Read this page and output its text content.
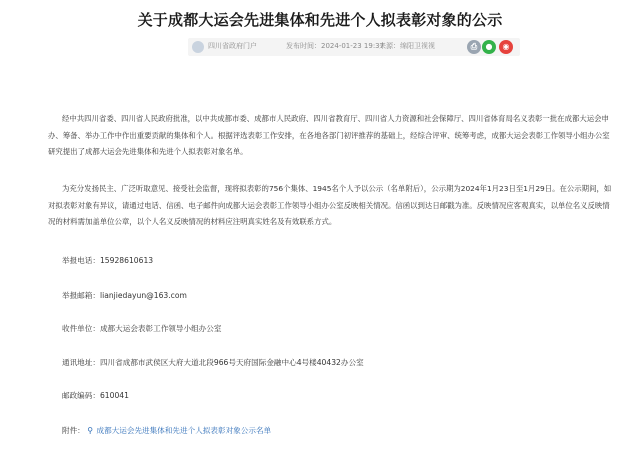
关于成都大运会先进集体和先进个人拟表彰对象的公示
四川省政府门户	发布时间：2024-01-23 19:37
来源：绵阳卫视视	⎙	●	◉
经中共四川省委、四川省人民政府批准，以中共成都市委、成都市人民政府、四川省教育厅、四川省人力资源和社会保障厅、四川省体育局名义表彰一批在成都大运会申办、筹备、举办工作中作出重要贡献的集体和个人。根据评选表彰工作安排，在各地各部门初评推荐的基础上，经综合评审、统筹考虑，成都大运会表彰工作领导小组办公室研究提出了成都大运会先进集体和先进个人拟表彰对象名单。
为充分发扬民主、广泛听取意见、接受社会监督，现将拟表彰的756个集体、1945名个人予以公示（名单附后），公示期为2024年1月23日至1月29日。在公示期间，如对拟表彰对象有异议，请通过电话、信函、电子邮件向成都大运会表彰工作领导小组办公室反映相关情况。信函以到达日邮戳为准。反映情况应客观真实，以单位名义反映情况的材料需加盖单位公章，以个人名义反映情况的材料应注明真实姓名及有效联系方式。
举报电话：15928610613
举报邮箱：lianjiedayun@163.com
收件单位：成都大运会表彰工作领导小组办公室
通讯地址：四川省成都市武侯区大府大道北段966号天府国际金融中心4号楼40432办公室
邮政编码：610041
附件： ⚲ 成都大运会先进集体和先进个人拟表彰对象公示名单
